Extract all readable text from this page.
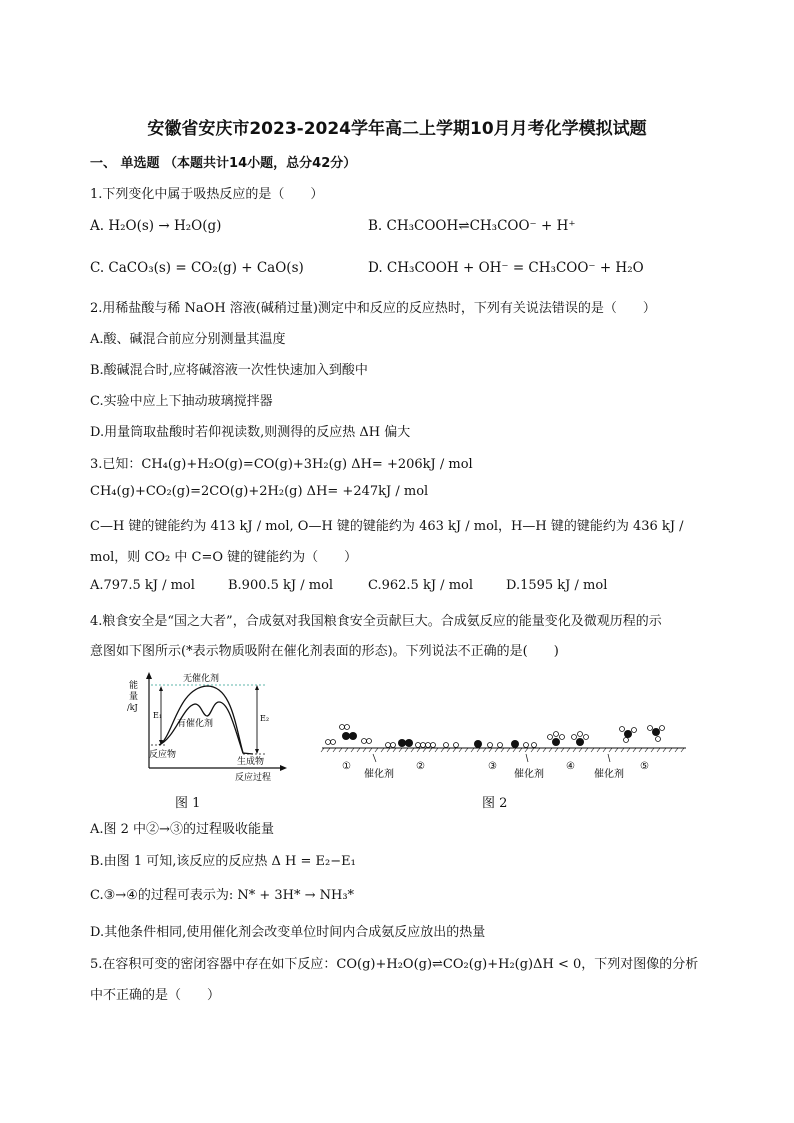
安徽省安庆市2023-2024学年高二上学期10月月考化学模拟试题
一、 单选题 （本题共计14小题，总分42分）
1.下列变化中属于吸热反应的是（　　）
A. H₂O(s) → H₂O(g)	B. CH₃COOH⇌CH₃COO⁻ + H⁺
C. CaCO₃(s) = CO₂(g) + CaO(s)	D. CH₃COOH + OH⁻ = CH₃COO⁻ + H₂O
2.用稀盐酸与稀 NaOH 溶液(碱稍过量)测定中和反应的反应热时，下列有关说法错误的是（　　）
A.酸、碱混合前应分别测量其温度
B.酸碱混合时,应将碱溶液一次性快速加入到酸中
C.实验中应上下抽动玻璃搅拌器
D.用量筒取盐酸时若仰视读数,则测得的反应热 ΔH 偏大
3.已知：CH₄(g)+H₂O(g)=CO(g)+3H₂(g) ΔH= +206kJ / mol
CH₄(g)+CO₂(g)=2CO(g)+2H₂(g) ΔH= +247kJ / mol
C—H 键的键能约为 413 kJ / mol, O—H 键的键能约为 463 kJ / mol，H—H 键的键能约为 436 kJ /
mol，则 CO₂ 中 C=O 键的键能约为（　　）
A.797.5 kJ / mol	B.900.5 kJ / mol	C.962.5 kJ / mol	D.1595 kJ / mol
4.粮食安全是“国之大者”，合成氨对我国粮食安全贡献巨大。合成氨反应的能量变化及微观历程的示
意图如下图所示(*表示物质吸附在催化剂表面的形态)。下列说法不正确的是(　　)
能
量
/kJ
E₁	E₂
无催化剂
有催化剂
反应物
生成物
反应过程
图 1
①	②	③	④	⑤
催化剂	催化剂	催化剂
图 2
A.图 2 中②→③的过程吸收能量
B.由图 1 可知,该反应的反应热 Δ H = E₂−E₁
C.③→④的过程可表示为: N* + 3H* → NH₃*
D.其他条件相同,使用催化剂会改变单位时间内合成氨反应放出的热量
5.在容积可变的密闭容器中存在如下反应：CO(g)+H₂O(g)⇌CO₂(g)+H₂(g)ΔH < 0，下列对图像的分析
中不正确的是（　　）
